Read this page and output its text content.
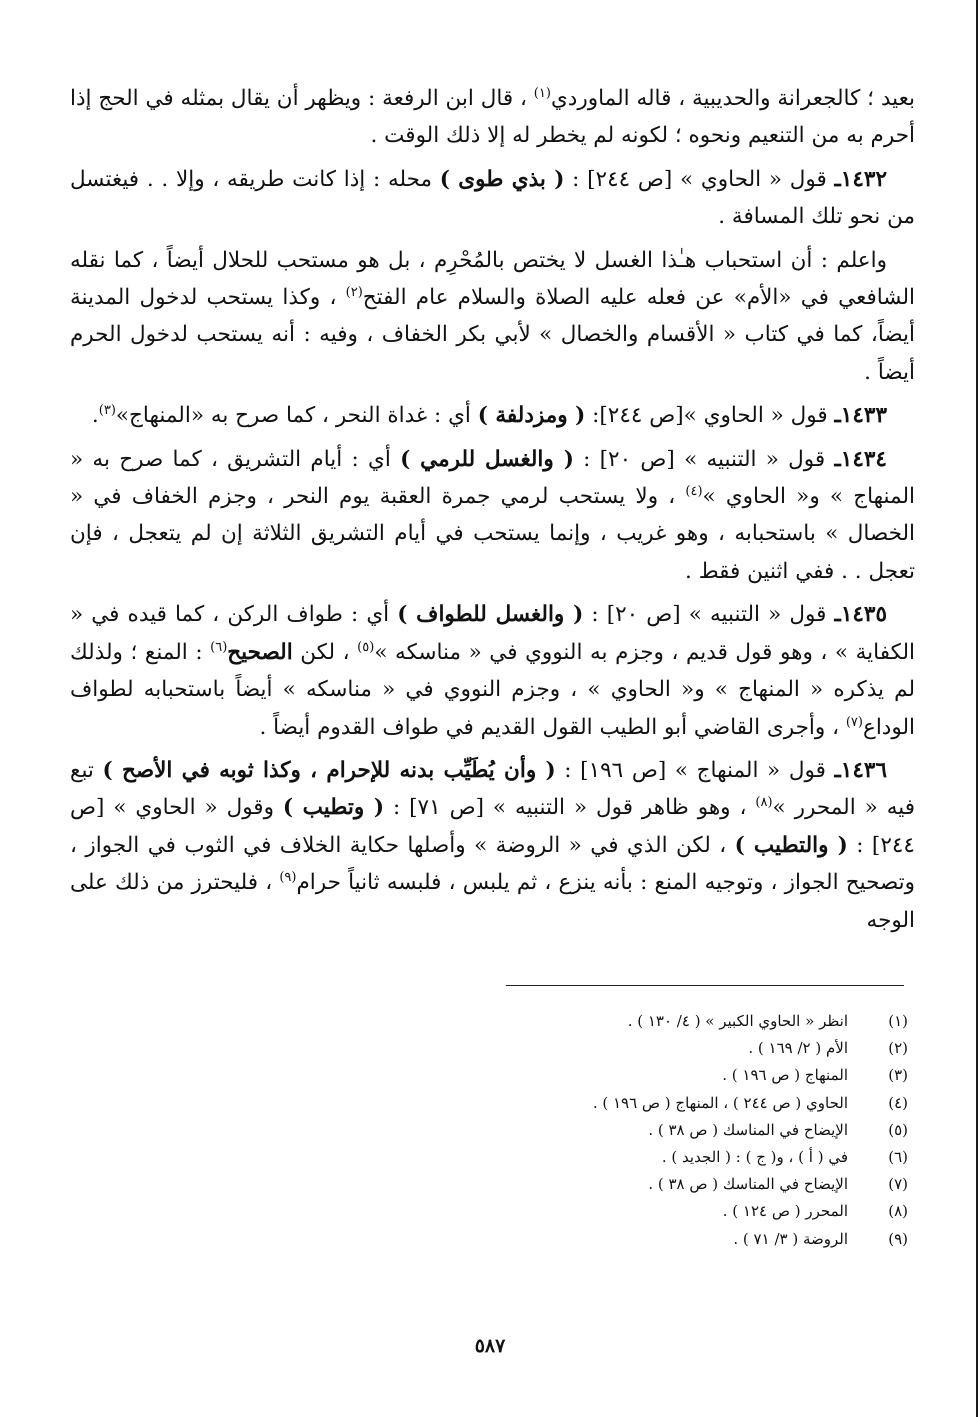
بعيد ؛ كالجعرانة والحديبية ، قاله الماوردي$^{(١)}$ ، قال ابن الرفعة : ويظهر أن يقال بمثله في الحج إذا أحرم به من التنعيم ونحوه ؛ لكونه لم يخطر له إلا ذلك الوقت .

١٤٣٢ـ قول « الحاوي » [ص ٢٤٤] : ( بذي طوى ) محله : إذا كانت طريقه ، وإلا . . فيغتسل من نحو تلك المسافة .

واعلم : أن استحباب هـٰذا الغسل لا يختص بالمُحْرِم ، بل هو مستحب للحلال أيضاً ، كما نقله الشافعي في «الأم» عن فعله عليه الصلاة والسلام عام الفتح$^{(٢)}$ ، وكذا يستحب لدخول المدينة أيضاً، كما في كتاب « الأقسام والخصال » لأبي بكر الخفاف ، وفيه : أنه يستحب لدخول الحرم أيضاً .

١٤٣٣ـ قول « الحاوي »[ص ٢٤٤]: ( ومزدلفة ) أي : غداة النحر ، كما صرح به «المنهاج»$^{(٣)}$.

١٤٣٤ـ قول « التنبيه » [ص ٢٠] : ( والغسل للرمي ) أي : أيام التشريق ، كما صرح به « المنهاج » و« الحاوي »$^{(٤)}$ ، ولا يستحب لرمي جمرة العقبة يوم النحر ، وجزم الخفاف في « الخصال » باستحبابه ، وهو غريب ، وإنما يستحب في أيام التشريق الثلاثة إن لم يتعجل ، فإن تعجل . . ففي اثنين فقط .

١٤٣٥ـ قول « التنبيه » [ص ٢٠] : ( والغسل للطواف ) أي : طواف الركن ، كما قيده في « الكفاية » ، وهو قول قديم ، وجزم به النووي في « مناسكه »$^{(٥)}$ ، لكن الصحيح$^{(٦)}$ : المنع ؛ ولذلك لم يذكره « المنهاج » و« الحاوي » ، وجزم النووي في « مناسكه » أيضاً باستحبابه لطواف الوداع$^{(٧)}$ ، وأجرى القاضي أبو الطيب القول القديم في طواف القدوم أيضاً .

١٤٣٦ـ قول « المنهاج » [ص ١٩٦] : ( وأن يُطَيِّب بدنه للإحرام ، وكذا ثوبه في الأصح ) تبع فيه « المحرر »$^{(٨)}$ ، وهو ظاهر قول « التنبيه » [ص ٧١] : ( وتطيب ) وقول « الحاوي » [ص ٢٤٤] : ( والتطيب ) ، لكن الذي في « الروضة » وأصلها حكاية الخلاف في الثوب في الجواز ، وتصحيح الجواز ، وتوجيه المنع : بأنه ينزع ، ثم يلبس ، فلبسه ثانياً حرام$^{(٩)}$ ، فليحترز من ذلك على الوجه

(١)
انظر « الحاوي الكبير » ( ٤/ ١٣٠ ) .
(٢)
الأم ( ٢/ ١٦٩ ) .
(٣)
المنهاج ( ص ١٩٦ ) .
(٤)
الحاوي ( ص ٢٤٤ ) ، المنهاج ( ص ١٩٦ ) .
(٥)
الإيضاح في المناسك ( ص ٣٨ ) .
(٦)
في ( أ ) ، و( ج ) : ( الجديد ) .
(٧)
الإيضاح في المناسك ( ص ٣٨ ) .
(٨)
المحرر ( ص ١٢٤ ) .
(٩)
الروضة ( ٣/ ٧١ ) .
٥٨٧
